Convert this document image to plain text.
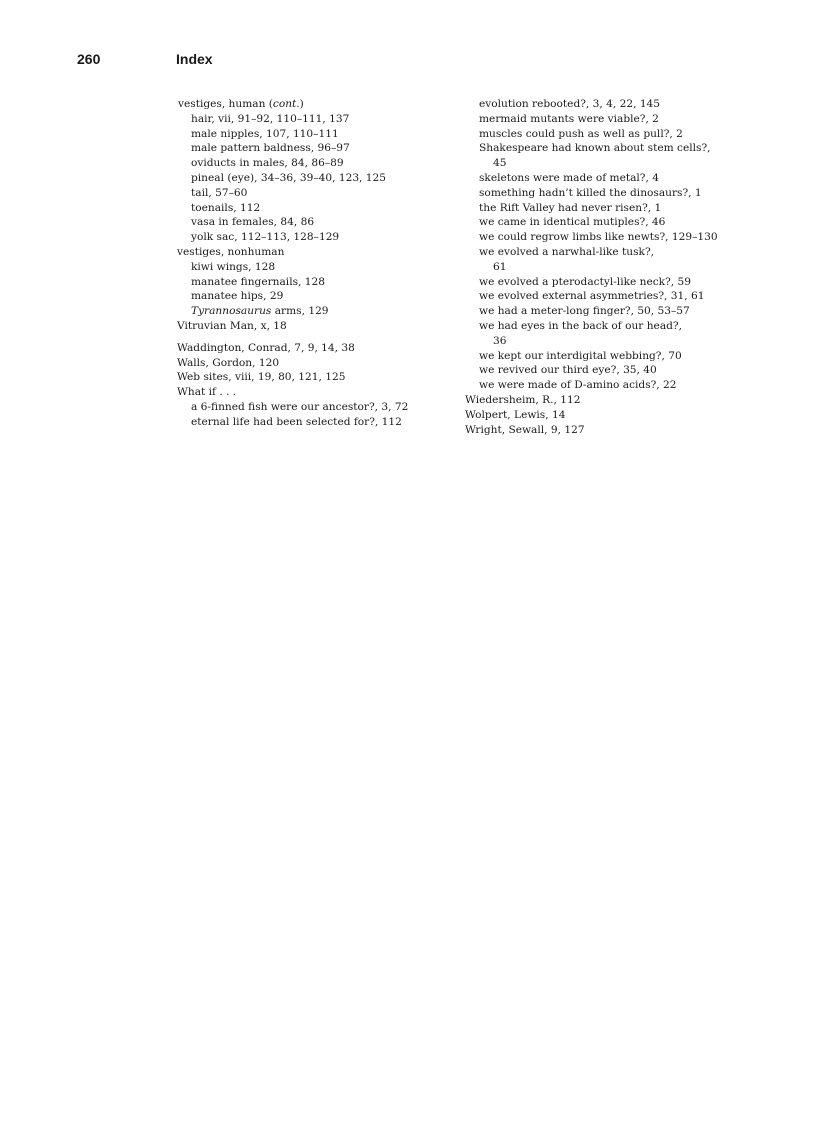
260	Index
vestiges, human (cont.)
hair, vii, 91–92, 110–111, 137
male nipples, 107, 110–111
male pattern baldness, 96–97
oviducts in males, 84, 86–89
pineal (eye), 34–36, 39–40, 123, 125
tail, 57–60
toenails, 112
vasa in females, 84, 86
yolk sac, 112–113, 128–129
vestiges, nonhuman
kiwi wings, 128
manatee fingernails, 128
manatee hips, 29
Tyrannosaurus arms, 129
Vitruvian Man, x, 18
Waddington, Conrad, 7, 9, 14, 38
Walls, Gordon, 120
Web sites, viii, 19, 80, 121, 125
What if . . .
a 6-finned fish were our ancestor?, 3, 72
eternal life had been selected for?, 112
evolution rebooted?, 3, 4, 22, 145
mermaid mutants were viable?, 2
muscles could push as well as pull?, 2
Shakespeare had known about stem cells?,
45
skeletons were made of metal?, 4
something hadn’t killed the dinosaurs?, 1
the Rift Valley had never risen?, 1
we came in identical mutiples?, 46
we could regrow limbs like newts?, 129–130
we evolved a narwhal-like tusk?,
61
we evolved a pterodactyl-like neck?, 59
we evolved external asymmetries?, 31, 61
we had a meter-long finger?, 50, 53–57
we had eyes in the back of our head?,
36
we kept our interdigital webbing?, 70
we revived our third eye?, 35, 40
we were made of D-amino acids?, 22
Wiedersheim, R., 112
Wolpert, Lewis, 14
Wright, Sewall, 9, 127
